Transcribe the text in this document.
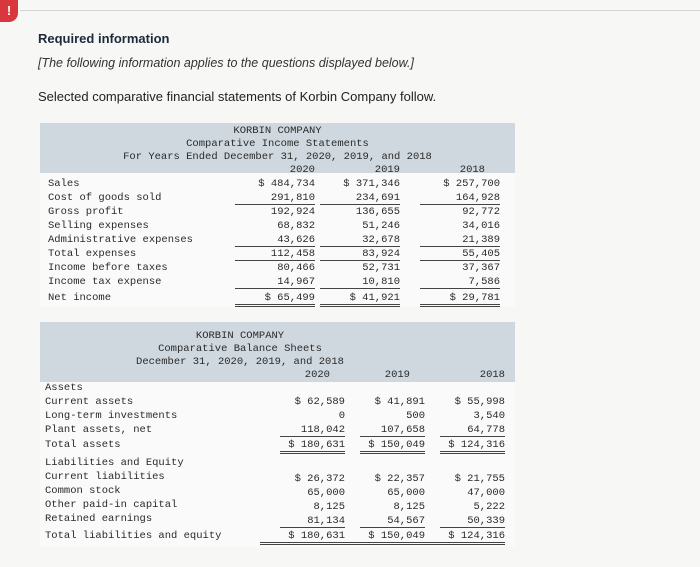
!
Required information
[The following information applies to the questions displayed below.]
Selected comparative financial statements of Korbin Company follow.
KORBIN COMPANY
Comparative Income Statements
For Years Ended December 31, 2020, 2019, and 2018
2020	2019	2018
Sales	$ 484,734	$ 371,346	$ 257,700
Cost of goods sold	291,810	234,691	164,928
Gross profit	192,924	136,655	92,772
Selling expenses	68,832	51,246	34,016
Administrative expenses	43,626	32,678	21,389
Total expenses	112,458	83,924	55,405
Income before taxes	80,466	52,731	37,367
Income tax expense	14,967	10,810	7,586
Net income	$ 65,499	$ 41,921	$ 29,781
KORBIN COMPANY
Comparative Balance Sheets
December 31, 2020, 2019, and 2018
2020	2019	2018
Assets
Current assets	$ 62,589	$ 41,891	$ 55,998
Long-term investments	0	500	3,540
Plant assets, net	118,042	107,658	64,778
Total assets	$ 180,631	$ 150,049	$ 124,316
Liabilities and Equity
Current liabilities	$ 26,372	$ 22,357	$ 21,755
Common stock	65,000	65,000	47,000
Other paid-in capital	8,125	8,125	5,222
Retained earnings	81,134	54,567	50,339
Total liabilities and equity	$ 180,631	$ 150,049	$ 124,316
